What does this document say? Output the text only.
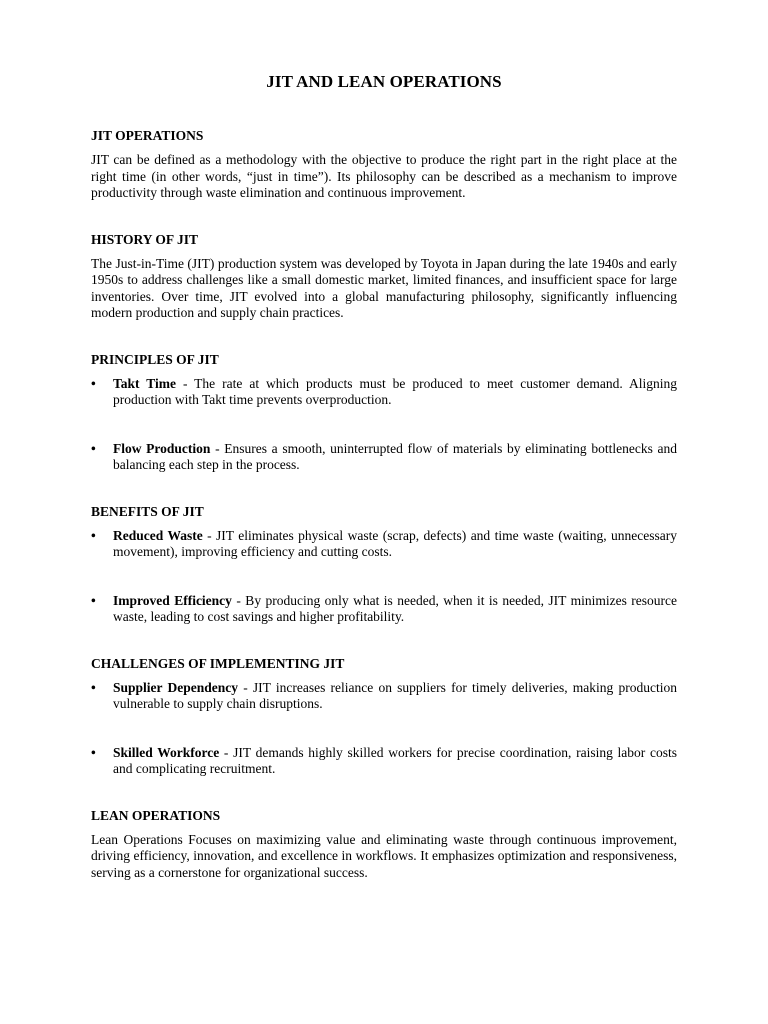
JIT AND LEAN OPERATIONS
JIT OPERATIONS

JIT can be defined as a methodology with the objective to produce the right part in the right place at the right time (in other words, “just in time”). Its philosophy can be described as a mechanism to improve productivity through waste elimination and continuous improvement.

HISTORY OF JIT

The Just-in-Time (JIT) production system was developed by Toyota in Japan during the late 1940s and early 1950s to address challenges like a small domestic market, limited finances, and insufficient space for large inventories. Over time, JIT evolved into a global manufacturing philosophy, significantly influencing modern production and supply chain practices.

PRINCIPLES OF JIT
• Takt Time - The rate at which products must be produced to meet customer demand. Aligning production with Takt time prevents overproduction.
• Flow Production - Ensures a smooth, uninterrupted flow of materials by eliminating bottlenecks and balancing each step in the process.
BENEFITS OF JIT
• Reduced Waste - JIT eliminates physical waste (scrap, defects) and time waste (waiting, unnecessary movement), improving efficiency and cutting costs.
• Improved Efficiency - By producing only what is needed, when it is needed, JIT minimizes resource waste, leading to cost savings and higher profitability.
CHALLENGES OF IMPLEMENTING JIT
• Supplier Dependency - JIT increases reliance on suppliers for timely deliveries, making production vulnerable to supply chain disruptions.
• Skilled Workforce - JIT demands highly skilled workers for precise coordination, raising labor costs and complicating recruitment.
LEAN OPERATIONS

Lean Operations Focuses on maximizing value and eliminating waste through continuous improvement, driving efficiency, innovation, and excellence in workflows. It emphasizes optimization and responsiveness, serving as a cornerstone for organizational success.
